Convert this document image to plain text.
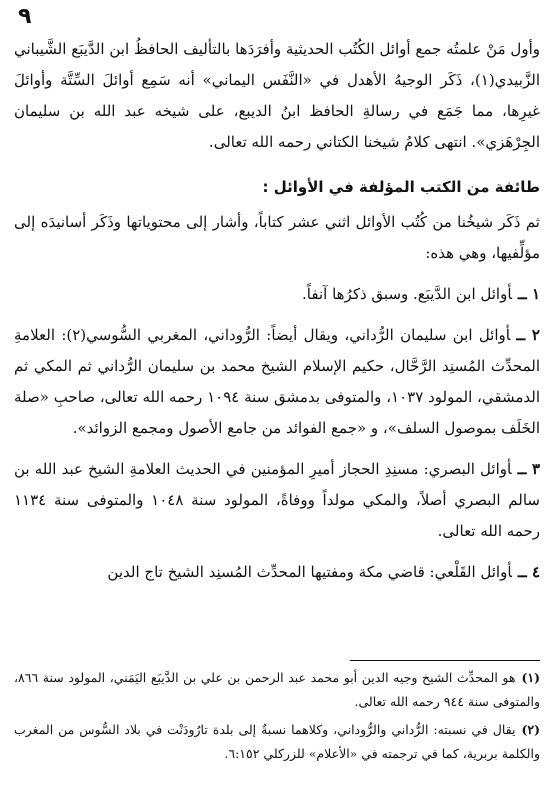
٩

وأول مَنْ علمتُه جمع أوائل الكُتُب الحديثية وأفرَدَها بالتأليف الحافظُ ابن الدَّيبَع الشَّيباني الزَّبيدي(١)، ذَكَر الوجيهُ الأهدل في «النَّفَس اليماني» أنه سَمِع أوائلَ السِّتَّة وأوائلَ غيرِها، مما جَمَع في رسالةِ الحافظ ابنُ الديبع، على شيخه عبد الله بن سليمان الجِرْهَزي». انتهى كلامُ شيخنا الكتاني رحمه الله تعالى.

طائفة من الكتب المؤلفة في الأوائل :

ثم ذَكَر شيخُنا من كُتُب الأوائل اثني عشر كتاباً، وأشار إلى محتوياتها وذَكَر أسانيدَه إلى مؤلِّفيها، وهي هذه:

١ ــأوائل ابن الدَّيبَع. وسبق ذكرُها آنفاً.

٢ ــأوائل ابن سليمان الرُّداني، ويقال أيضاً: الرُّوداني، المغربي السُّوسي(٢): العلامةِ المحدِّث المُسنِد الرَّحَّال، حكيم الإسلام الشيخ محمد بن سليمان الرُّداني ثم المكي ثم الدمشقي، المولود ١٠٣٧، والمتوفى بدمشق سنة ١٠٩٤ رحمه الله تعالى، صاحبِ «صلة الخَلَف بموصول السلف»، و «جمع الفوائد من جامع الأصول ومجمع الزوائد».

٣ ــأوائل البصري: مسنِدِ الحجاز أميرِ المؤمنين في الحديث العلامةِ الشيخ عبد الله بن سالم البصري أصلاً، والمكي مولداً ووفاةً، المولود سنة ١٠٤٨ والمتوفى سنة ١١٣٤ رحمه الله تعالى.

٤ ــأوائل القَلْعي: قاضي مكة ومفتيها المحدِّث المُسنِد الشيخ تاج الدين

(١)هو المحدِّث الشيخ وجيه الدين أبو محمد عبد الرحمن بن علي بن الدَّيبَع اليَمَني، المولود سنة ٨٦٦، والمتوفى سنة ٩٤٤ رحمه الله تعالى.

(٢)يقال في نسبته: الرُّداني والرُّوداني، وكلاهما نسبةٌ إلى بلدة تارُودَنْت في بلاد السُّوس من المغرب والكلمة بربرية، كما في ترجمته في «الأعلام» للزركلي ٦:١٥٢.
